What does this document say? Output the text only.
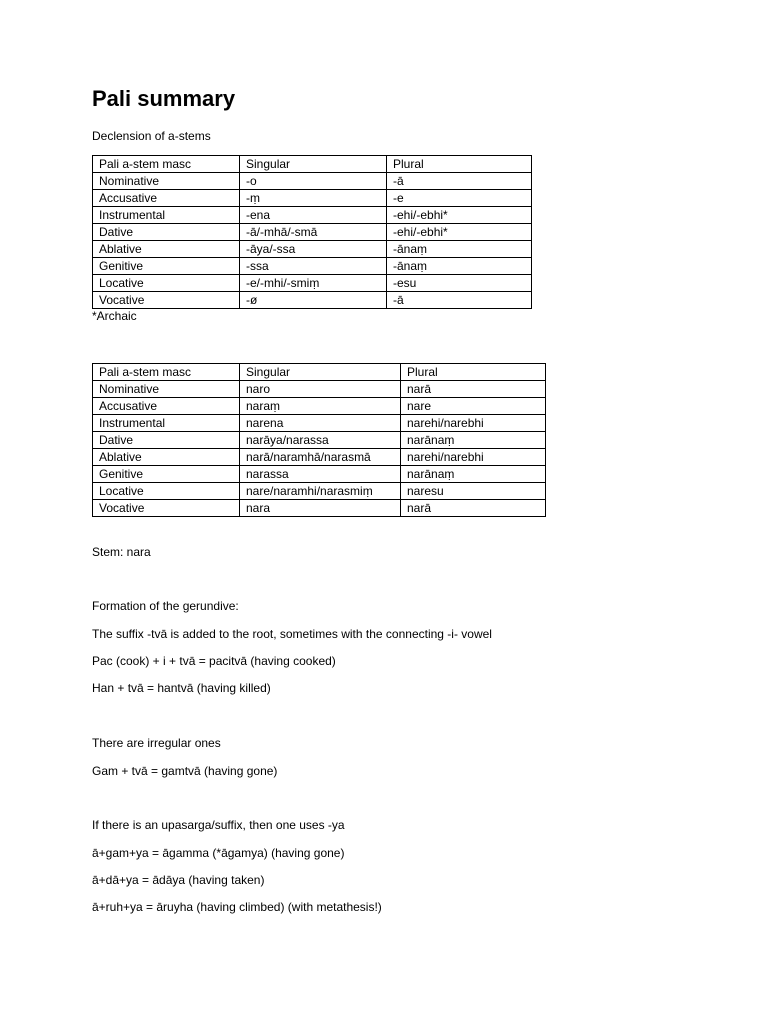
Pali summary

Declension of a-stems

Pali a-stem masc	Singular	Plural
Nominative	-o	-ā
Accusative	-ṃ	-e
Instrumental	-ena	-ehi/-ebhi*
Dative	-ā/-mhā/-smā	-ehi/-ebhi*
Ablative	-āya/-ssa	-ānaṃ
Genitive	-ssa	-ānaṃ
Locative	-e/-mhi/-smiṃ	-esu
Vocative	-ø	-ā

*Archaic

Pali a-stem masc	Singular	Plural
Nominative	naro	narā
Accusative	naraṃ	nare
Instrumental	narena	narehi/narebhi
Dative	narāya/narassa	narānaṃ
Ablative	narā/naramhā/narasmā	narehi/narebhi
Genitive	narassa	narānaṃ
Locative	nare/naramhi/narasmiṃ	naresu
Vocative	nara	narā

Stem: nara

Formation of the gerundive:

The suffix -tvā is added to the root, sometimes with the connecting -i- vowel

Pac (cook) + i + tvā = pacitvā (having cooked)

Han + tvā = hantvā (having killed)

There are irregular ones

Gam + tvā = gamtvā (having gone)

If there is an upasarga/suffix, then one uses -ya

ā+gam+ya = āgamma (*āgamya) (having gone)

ā+dā+ya = ādāya (having taken)

ā+ruh+ya = āruyha (having climbed) (with metathesis!)
